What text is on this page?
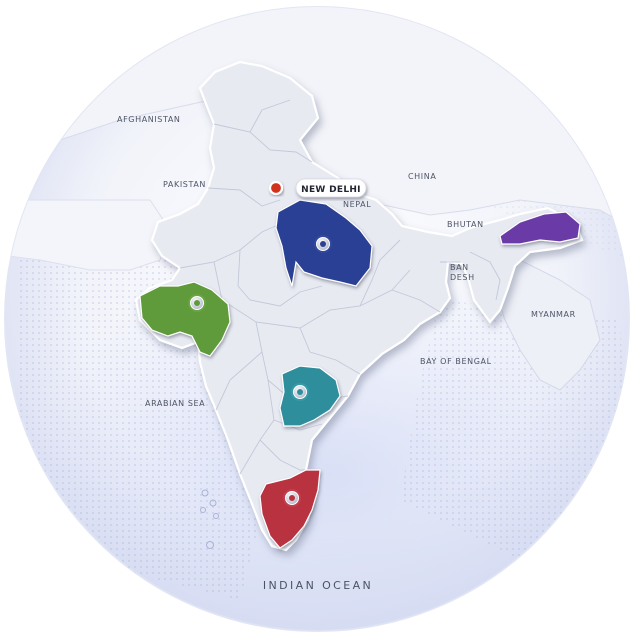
NEW DELHI
AFGHANISTAN
PAKISTAN
CHINA
NEPAL
BHUTAN
BAN
DESH
MYANMAR
ARABIAN SEA
BAY OF BENGAL
INDIAN OCEAN
